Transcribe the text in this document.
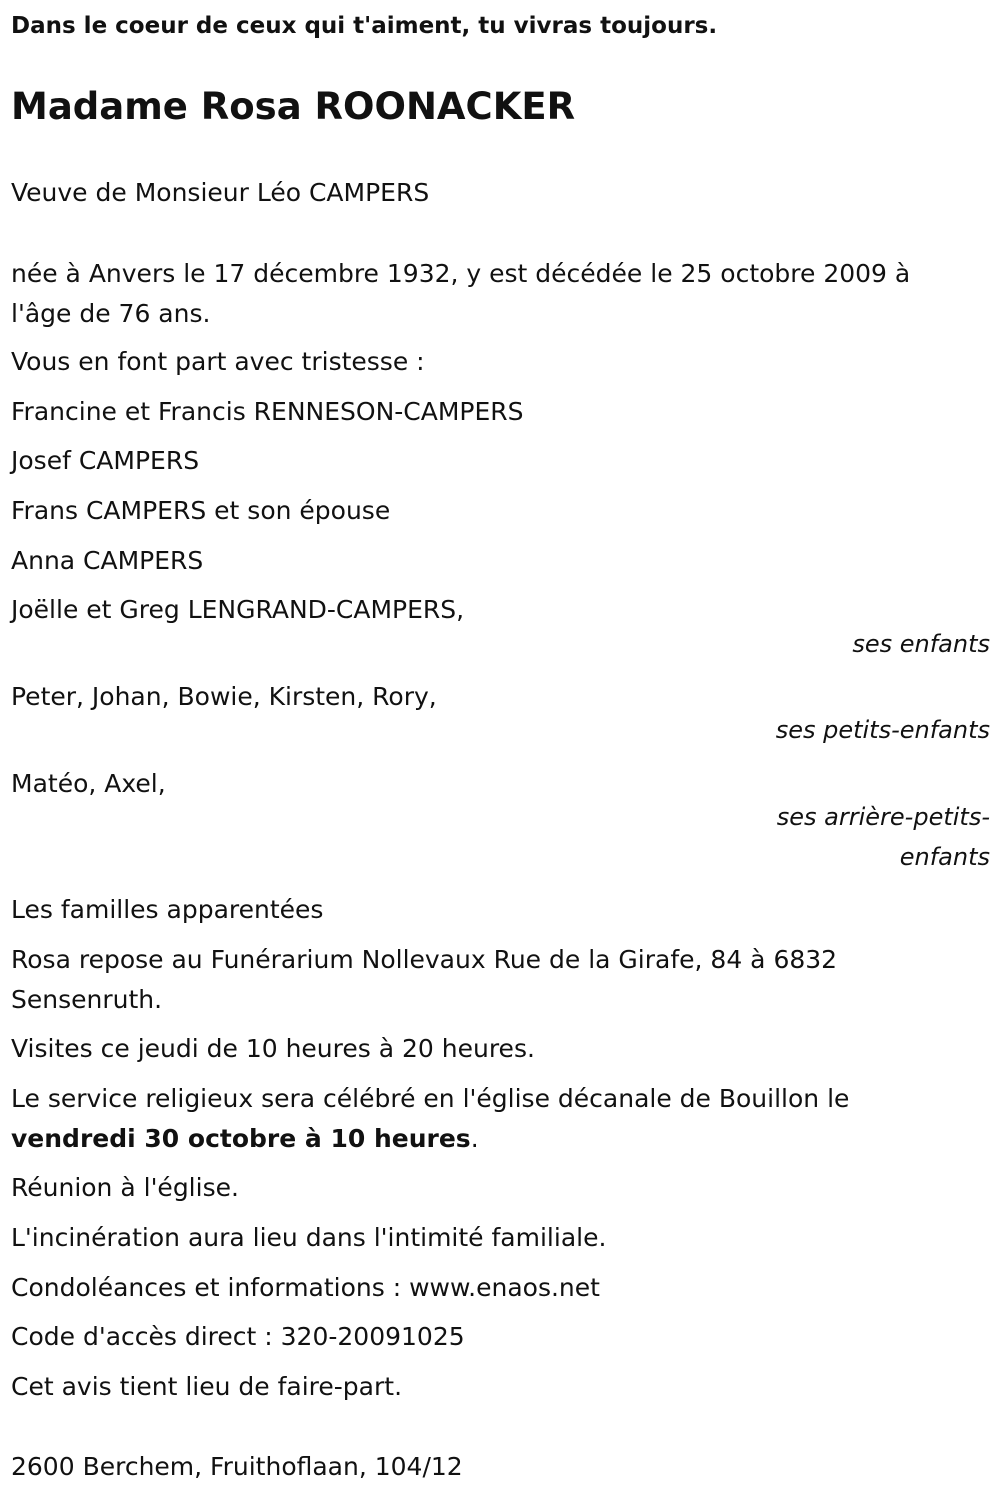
Dans le coeur de ceux qui t'aiment, tu vivras toujours.
Madame Rosa ROONACKER
Veuve de Monsieur Léo CAMPERS
née à Anvers le 17 décembre 1932, y est décédée le 25 octobre 2009 à
l'âge de 76 ans.
Vous en font part avec tristesse :
Francine et Francis RENNESON-CAMPERS
Josef CAMPERS
Frans CAMPERS et son épouse
Anna CAMPERS
Joëlle et Greg LENGRAND-CAMPERS,
ses enfants
Peter, Johan, Bowie, Kirsten, Rory,
ses petits-enfants
Matéo, Axel,
ses arrière-petits-
enfants
Les familles apparentées
Rosa repose au Funérarium Nollevaux Rue de la Girafe, 84 à 6832
Sensenruth.
Visites ce jeudi de 10 heures à 20 heures.
Le service religieux sera célébré en l'église décanale de Bouillon le
vendredi 30 octobre à 10 heures.
Réunion à l'église.
L'incinération aura lieu dans l'intimité familiale.
Condoléances et informations : www.enaos.net
Code d'accès direct : 320-20091025
Cet avis tient lieu de faire-part.
2600 Berchem, Fruithoflaan, 104/12
